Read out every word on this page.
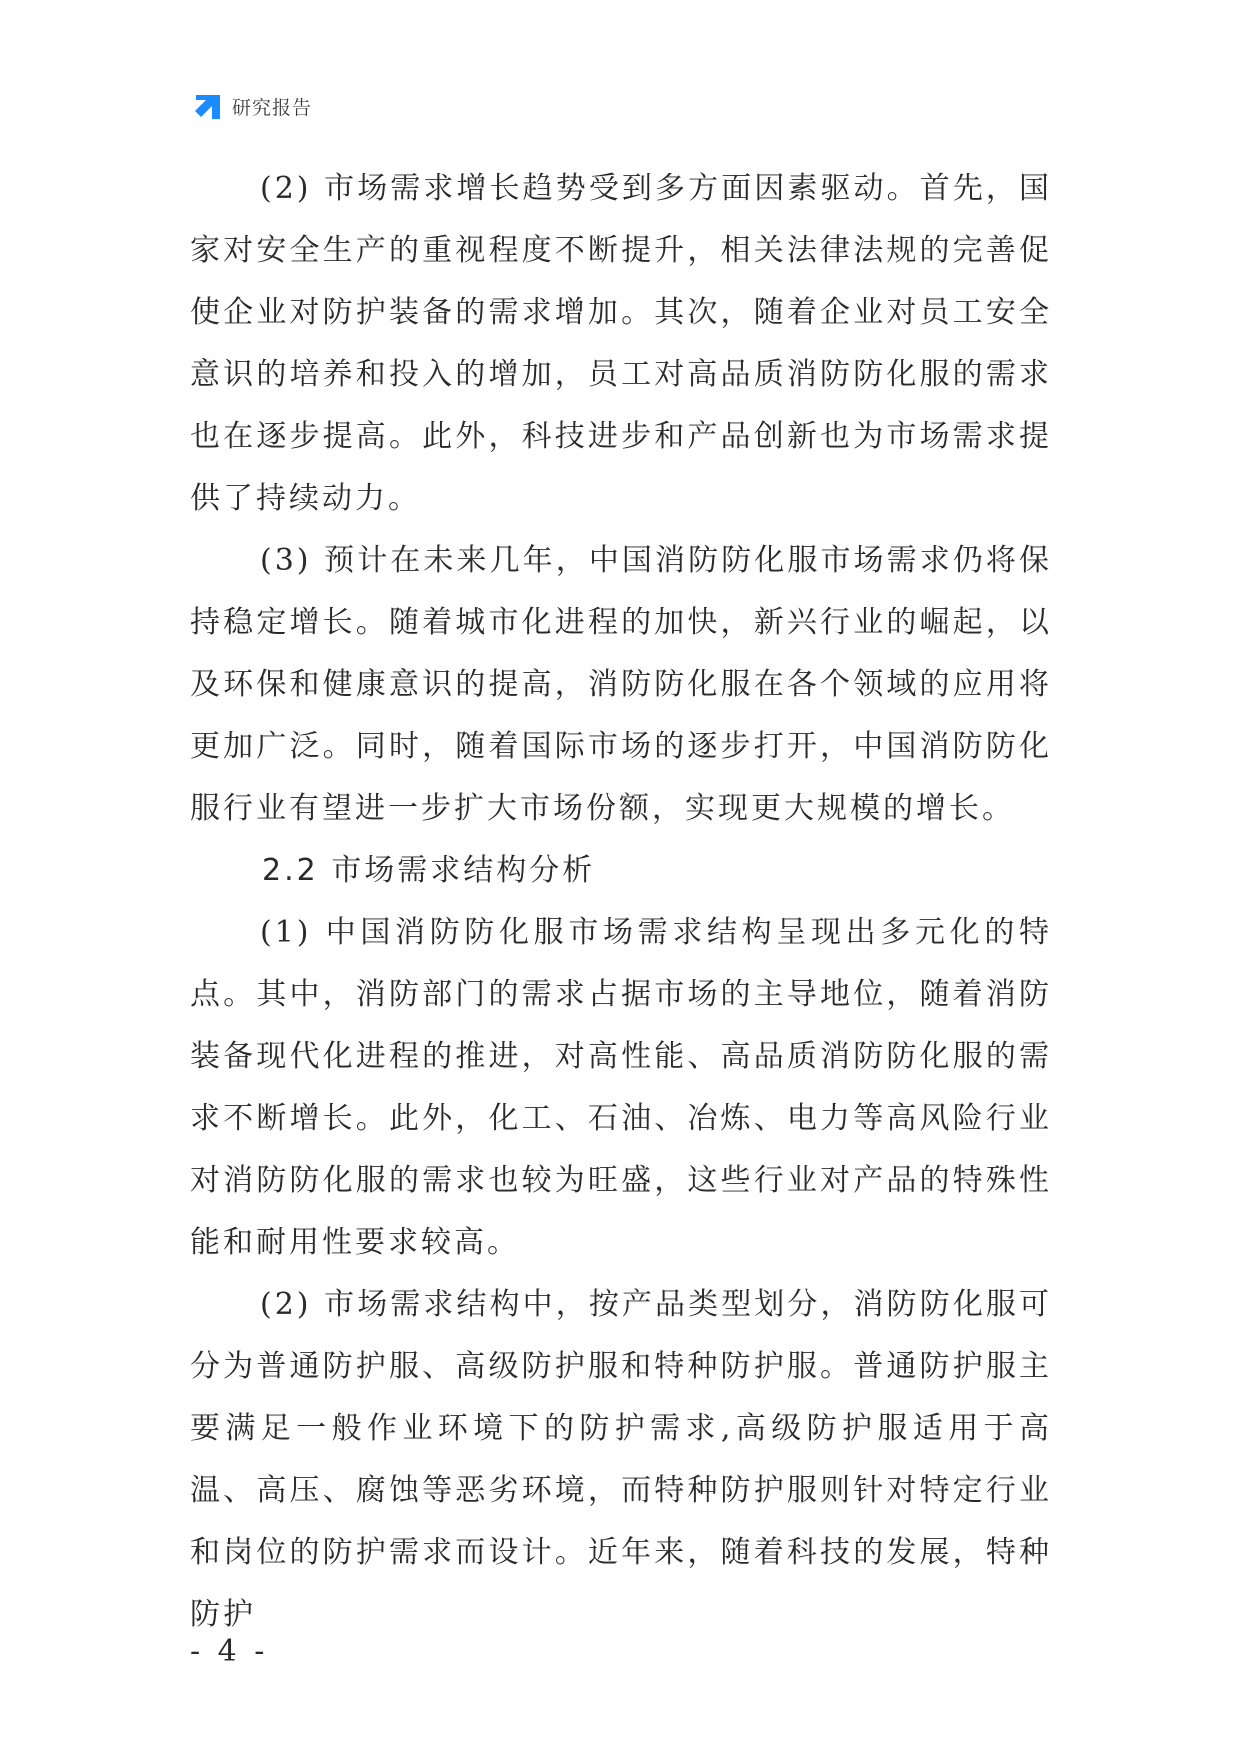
研究报告

(2) 市场需求增长趋势受到多方面因素驱动。首先，国家对安全生产的重视程度不断提升，相关法律法规的完善促使企业对防护装备的需求增加。其次，随着企业对员工安全意识的培养和投入的增加，员工对高品质消防防化服的需求也在逐步提高。此外，科技进步和产品创新也为市场需求提供了持续动力。

(3) 预计在未来几年，中国消防防化服市场需求仍将保持稳定增长。随着城市化进程的加快，新兴行业的崛起，以及环保和健康意识的提高，消防防化服在各个领域的应用将更加广泛。同时，随着国际市场的逐步打开，中国消防防化服行业有望进一步扩大市场份额，实现更大规模的增长。

2.2 市场需求结构分析

(1) 中国消防防化服市场需求结构呈现出多元化的特点。其中，消防部门的需求占据市场的主导地位，随着消防装备现代化进程的推进，对高性能、高品质消防防化服的需求不断增长。此外，化工、石油、冶炼、电力等高风险行业对消防防化服的需求也较为旺盛，这些行业对产品的特殊性能和耐用性要求较高。

(2) 市场需求结构中，按产品类型划分，消防防化服可分为普通防护服、高级防护服和特种防护服。普通防护服主要满足一般作业环境下的防护需求,高级防护服适用于高温、高压、腐蚀等恶劣环境，而特种防护服则针对特定行业和岗位的防护需求而设计。近年来，随着科技的发展，特种防护

- 4 -
